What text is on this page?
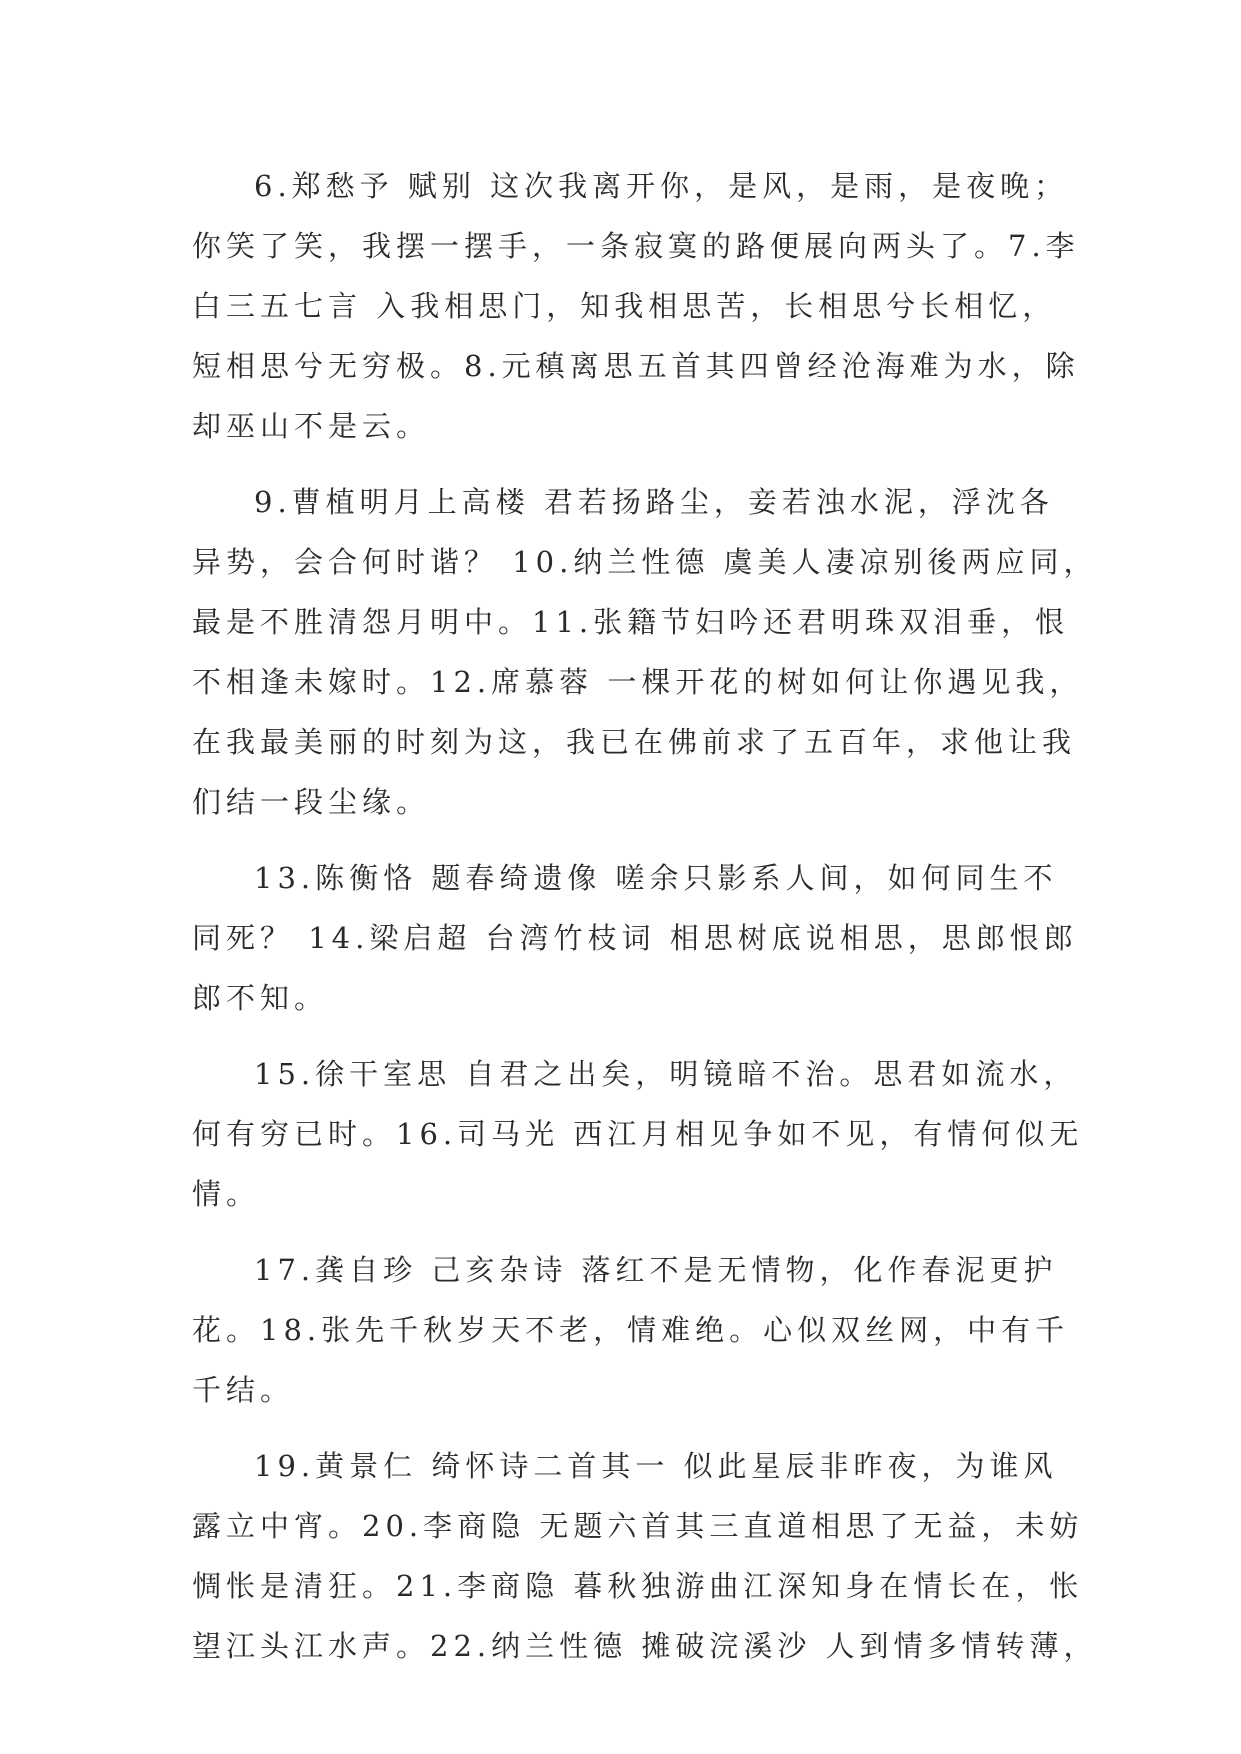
6.郑愁予 赋别 这次我离开你，是风，是雨，是夜晚；
你笑了笑，我摆一摆手，一条寂寞的路便展向两头了。7.李
白三五七言 入我相思门，知我相思苦，长相思兮长相忆，
短相思兮无穷极。8.元稹离思五首其四曾经沧海难为水，除
却巫山不是云。
9.曹植明月上高楼 君若扬路尘，妾若浊水泥，浮沈各
异势，会合何时谐？ 10.纳兰性德 虞美人凄凉别後两应同，
最是不胜清怨月明中。11.张籍节妇吟还君明珠双泪垂，恨
不相逢未嫁时。12.席慕蓉 一棵开花的树如何让你遇见我，
在我最美丽的时刻为这，我已在佛前求了五百年，求他让我
们结一段尘缘。
13.陈衡恪 题春绮遗像 嗟余只影系人间，如何同生不
同死？ 14.梁启超 台湾竹枝词 相思树底说相思，思郎恨郎
郎不知。
15.徐干室思 自君之出矣，明镜暗不治。思君如流水，
何有穷已时。16.司马光 西江月相见争如不见，有情何似无
情。
17.龚自珍 己亥杂诗 落红不是无情物，化作春泥更护
花。18.张先千秋岁天不老，情难绝。心似双丝网，中有千
千结。
19.黄景仁 绮怀诗二首其一 似此星辰非昨夜，为谁风
露立中宵。20.李商隐 无题六首其三直道相思了无益，未妨
惆怅是清狂。21.李商隐 暮秋独游曲江深知身在情长在，怅
望江头江水声。22.纳兰性德 摊破浣溪沙 人到情多情转薄，
